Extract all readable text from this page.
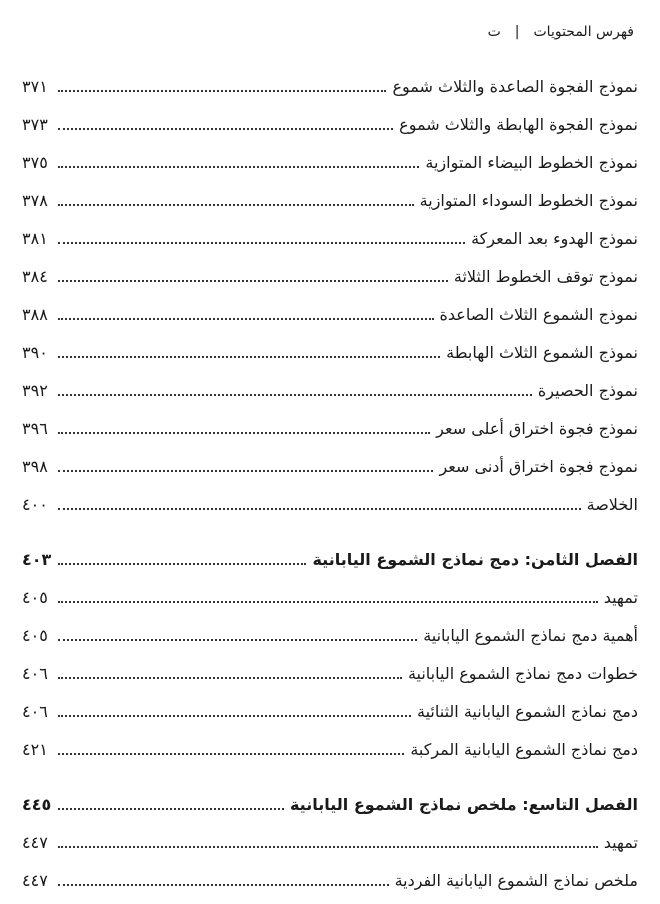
ت | فهرس المحتويات
نموذج الفجوة الصاعدة والثلاث شموع
٣٧١
نموذج الفجوة الهابطة والثلاث شموع
٣٧٣
نموذج الخطوط البيضاء المتوازية
٣٧٥
نموذج الخطوط السوداء المتوازية
٣٧٨
نموذج الهدوء بعد المعركة
٣٨١
نموذج توقف الخطوط الثلاثة
٣٨٤
نموذج الشموع الثلاث الصاعدة
٣٨٨
نموذج الشموع الثلاث الهابطة
٣٩٠
نموذج الحصيرة
٣٩٢
نموذج فجوة اختراق أعلى سعر
٣٩٦
نموذج فجوة اختراق أدنى سعر
٣٩٨
الخلاصة
٤٠٠
الفصل الثامن: دمج نماذج الشموع اليابانية
٤٠٣
تمهيد
٤٠٥
أهمية دمج نماذج الشموع اليابانية
٤٠٥
خطوات دمج نماذج الشموع اليابانية
٤٠٦
دمج نماذج الشموع اليابانية الثنائية
٤٠٦
دمج نماذج الشموع اليابانية المركبة
٤٢١
الفصل التاسع: ملخص نماذج الشموع اليابانية
٤٤٥
تمهيد
٤٤٧
ملخص نماذج الشموع اليابانية الفردية
٤٤٧
